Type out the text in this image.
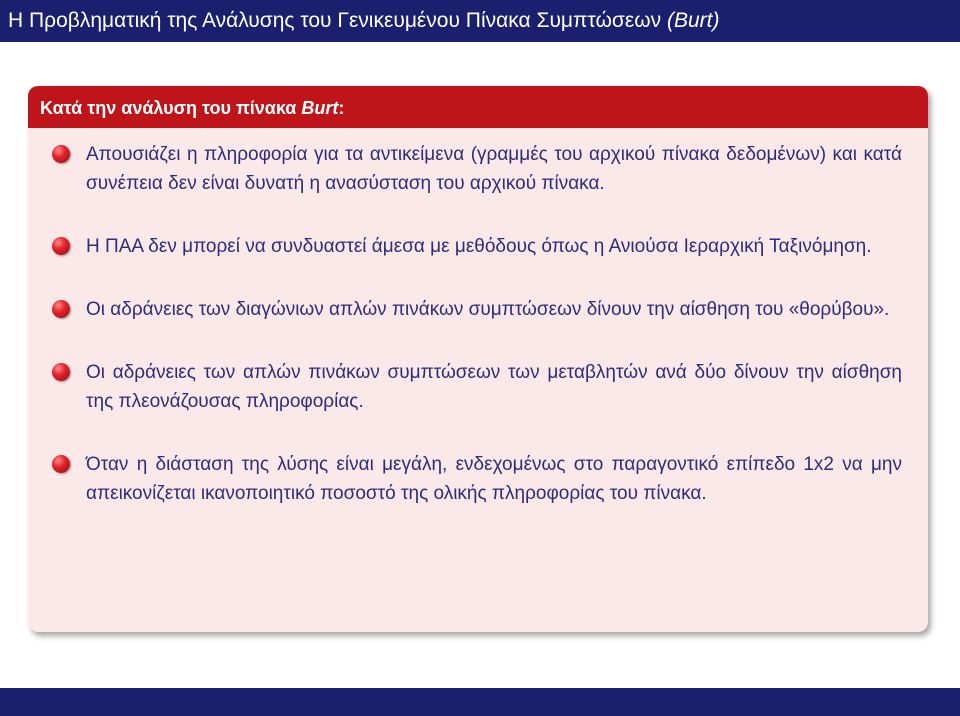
Η Προβληματική της Ανάλυσης του Γενικευμένου Πίνακα Συμπτώσεων (Burt)
Κατά την ανάλυση του πίνακα Burt:
Απουσιάζει η πληροφορία για τα αντικείμενα (γραμμές του αρχικού πίνακα δεδομένων) και κατά συνέπεια δεν είναι δυνατή η ανασύσταση του αρχικού πίνακα.
Η ΠΑΑ δεν μπορεί να συνδυαστεί άμεσα με μεθόδους όπως η Ανιούσα Ιεραρχική Ταξινόμηση.
Οι αδράνειες των διαγώνιων απλών πινάκων συμπτώσεων δίνουν την αίσθηση του «θορύβου».
Οι αδράνειες των απλών πινάκων συμπτώσεων των μεταβλητών ανά δύο δίνουν την αίσθηση της πλεονάζουσας πληροφορίας.
Όταν η διάσταση της λύσης είναι μεγάλη, ενδεχομένως στο παραγοντικό επίπεδο 1x2 να μην απεικονίζεται ικανοποιητικό ποσοστό της ολικής πληροφορίας του πίνακα.
